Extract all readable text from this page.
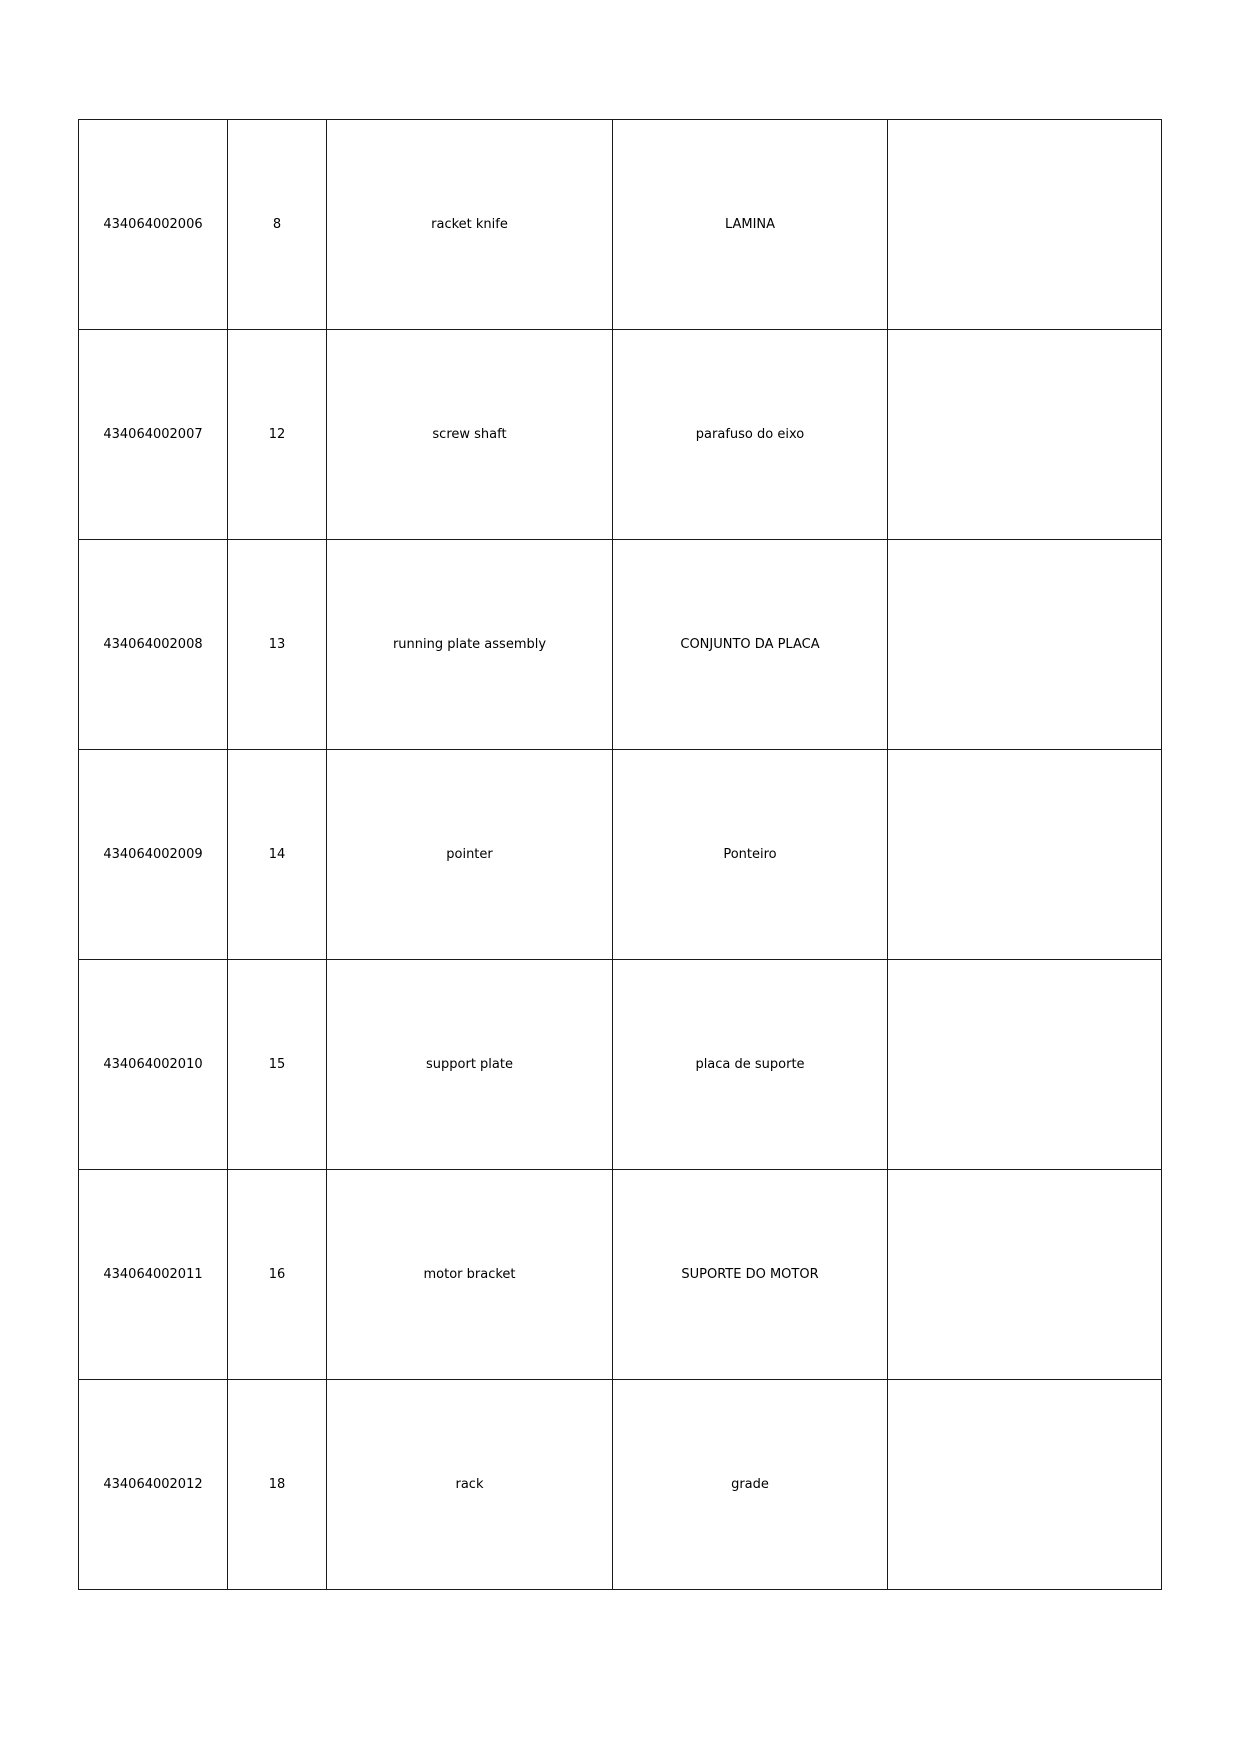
434064002006	8	racket knife	LAMINA	
434064002007	12	screw shaft	parafuso do eixo	
434064002008	13	running plate assembly	CONJUNTO DA PLACA	
434064002009	14	pointer	Ponteiro	
434064002010	15	support plate	placa de suporte	
434064002011	16	motor bracket	SUPORTE DO MOTOR	
434064002012	18	rack	grade	
